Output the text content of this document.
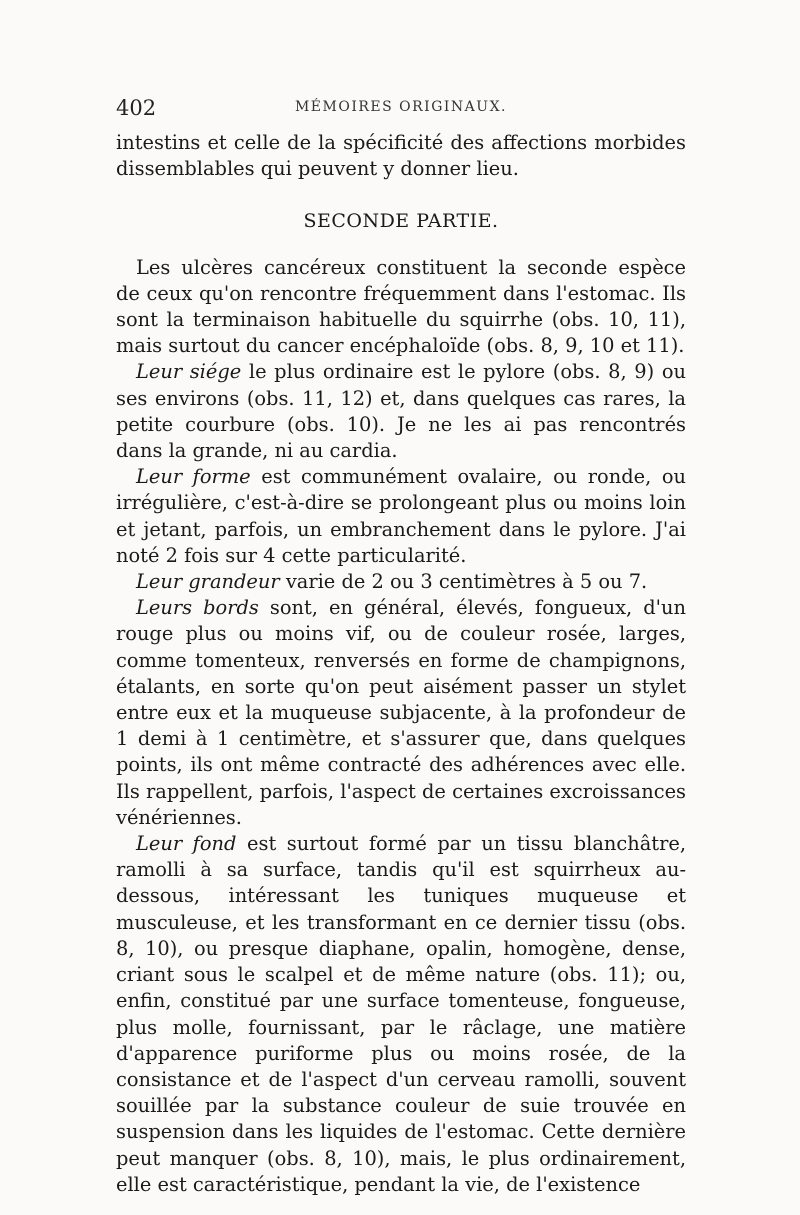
402	MÉMOIRES ORIGINAUX.

intestins et celle de la spécificité des affections morbides dissemblables qui peuvent y donner lieu.

SECONDE PARTIE.

Les ulcères cancéreux constituent la seconde espèce de ceux qu'on rencontre fréquemment dans l'estomac. Ils sont la terminaison habituelle du squirrhe (obs. 10, 11), mais surtout du cancer encéphaloïde (obs. 8, 9, 10 et 11).

Leur siége le plus ordinaire est le pylore (obs. 8, 9) ou ses environs (obs. 11, 12) et, dans quelques cas rares, la petite courbure (obs. 10). Je ne les ai pas rencontrés dans la grande, ni au cardia.

Leur forme est communément ovalaire, ou ronde, ou irrégulière, c'est-à-dire se prolongeant plus ou moins loin et jetant, parfois, un embranchement dans le pylore. J'ai noté 2 fois sur 4 cette particularité.

Leur grandeur varie de 2 ou 3 centimètres à 5 ou 7.

Leurs bords sont, en général, élevés, fongueux, d'un rouge plus ou moins vif, ou de couleur rosée, larges, comme tomenteux, renversés en forme de champignons, étalants, en sorte qu'on peut aisément passer un stylet entre eux et la muqueuse subjacente, à la profondeur de 1 demi à 1 centimètre, et s'assurer que, dans quelques points, ils ont même contracté des adhérences avec elle. Ils rappellent, parfois, l'aspect de certaines excroissances vénériennes.

Leur fond est surtout formé par un tissu blanchâtre, ramolli à sa surface, tandis qu'il est squirrheux au-dessous, intéressant les tuniques muqueuse et musculeuse, et les transformant en ce dernier tissu (obs. 8, 10), ou presque diaphane, opalin, homogène, dense, criant sous le scalpel et de même nature (obs. 11); ou, enfin, constitué par une surface tomenteuse, fongueuse, plus molle, fournissant, par le râclage, une matière d'apparence puriforme plus ou moins rosée, de la consistance et de l'aspect d'un cerveau ramolli, souvent souillée par la substance couleur de suie trouvée en suspension dans les liquides de l'estomac. Cette dernière peut manquer (obs. 8, 10), mais, le plus ordinairement, elle est caractéristique, pendant la vie, de l'existence
